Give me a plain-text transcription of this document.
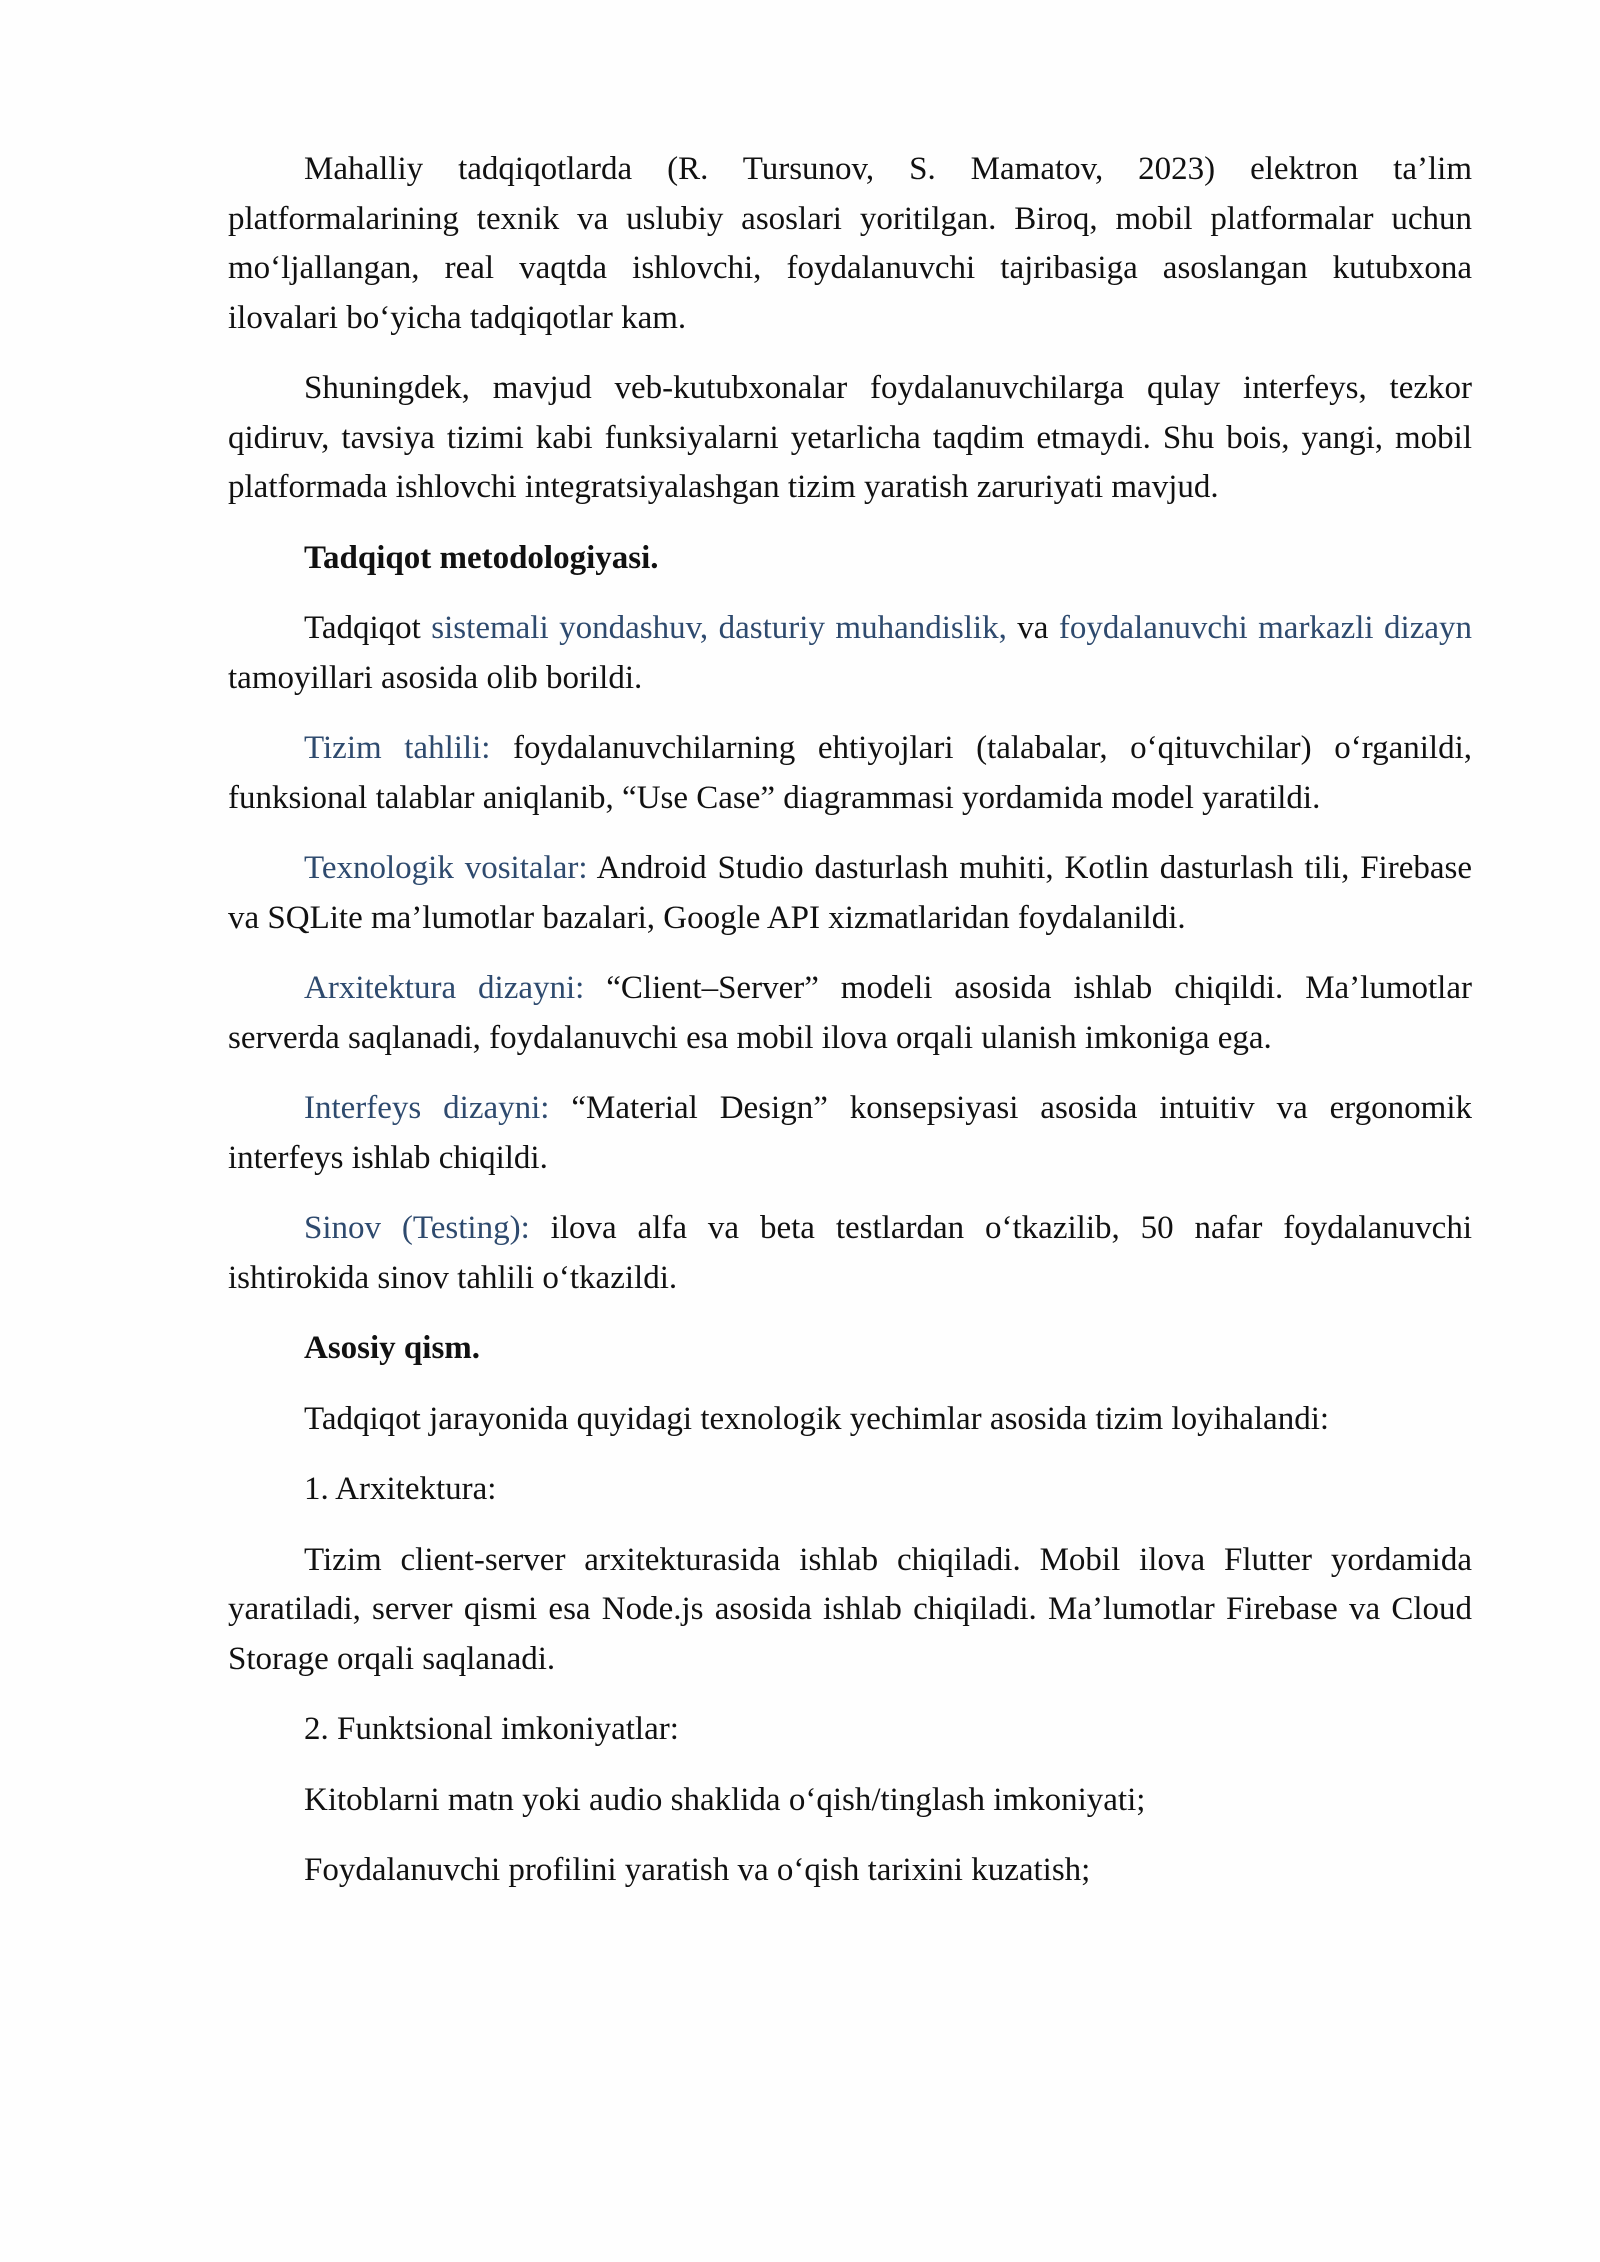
Mahalliy tadqiqotlarda (R. Tursunov, S. Mamatov, 2023) elektron ta’lim platformalarining texnik va uslubiy asoslari yoritilgan. Biroq, mobil platformalar uchun mo‘ljallangan, real vaqtda ishlovchi, foydalanuvchi tajribasiga asoslangan kutubxona ilovalari bo‘yicha tadqiqotlar kam.

Shuningdek, mavjud veb-kutubxonalar foydalanuvchilarga qulay interfeys, tezkor qidiruv, tavsiya tizimi kabi funksiyalarni yetarlicha taqdim etmaydi. Shu bois, yangi, mobil platformada ishlovchi integratsiyalashgan tizim yaratish zaruriyati mavjud.

Tadqiqot metodologiyasi.

Tadqiqot sistemali yondashuv, dasturiy muhandislik, va foydalanuvchi markazli dizayn tamoyillari asosida olib borildi.

Tizim tahlili: foydalanuvchilarning ehtiyojlari (talabalar, o‘qituvchilar) o‘rganildi, funksional talablar aniqlanib, “Use Case” diagrammasi yordamida model yaratildi.

Texnologik vositalar: Android Studio dasturlash muhiti, Kotlin dasturlash tili, Firebase va SQLite ma’lumotlar bazalari, Google API xizmatlaridan foydalanildi.

Arxitektura dizayni: “Client–Server” modeli asosida ishlab chiqildi. Ma’lumotlar serverda saqlanadi, foydalanuvchi esa mobil ilova orqali ulanish imkoniga ega.

Interfeys dizayni: “Material Design” konsepsiyasi asosida intuitiv va ergonomik interfeys ishlab chiqildi.

Sinov (Testing): ilova alfa va beta testlardan o‘tkazilib, 50 nafar foydalanuvchi ishtirokida sinov tahlili o‘tkazildi.

Asosiy qism.

Tadqiqot jarayonida quyidagi texnologik yechimlar asosida tizim loyihalandi:

1. Arxitektura:

Tizim client-server arxitekturasida ishlab chiqiladi. Mobil ilova Flutter yordamida yaratiladi, server qismi esa Node.js asosida ishlab chiqiladi. Ma’lumotlar Firebase va Cloud Storage orqali saqlanadi.

2. Funktsional imkoniyatlar:

Kitoblarni matn yoki audio shaklida o‘qish/tinglash imkoniyati;

Foydalanuvchi profilini yaratish va o‘qish tarixini kuzatish;
